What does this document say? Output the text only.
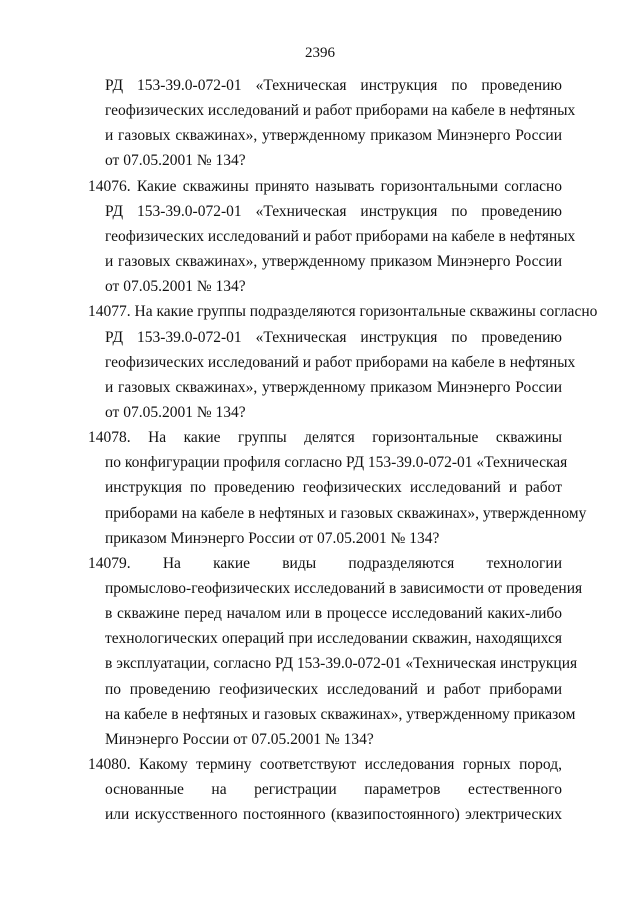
2396
РД 153-39.0-072-01 «Техническая инструкция по проведению
геофизических исследований и работ приборами на кабеле в нефтяных
и газовых скважинах», утвержденному приказом Минэнерго России
от 07.05.2001 № 134?
14076. Какие скважины принято называть горизонтальными согласно
РД 153-39.0-072-01 «Техническая инструкция по проведению
геофизических исследований и работ приборами на кабеле в нефтяных
и газовых скважинах», утвержденному приказом Минэнерго России
от 07.05.2001 № 134?
14077. На какие группы подразделяются горизонтальные скважины согласно
РД 153-39.0-072-01 «Техническая инструкция по проведению
геофизических исследований и работ приборами на кабеле в нефтяных
и газовых скважинах», утвержденному приказом Минэнерго России
от 07.05.2001 № 134?
14078. На какие группы делятся горизонтальные скважины
по конфигурации профиля согласно РД 153-39.0-072-01 «Техническая
инструкция по проведению геофизических исследований и работ
приборами на кабеле в нефтяных и газовых скважинах», утвержденному
приказом Минэнерго России от 07.05.2001 № 134?
14079. На какие виды подразделяются технологии
промыслово-геофизических исследований в зависимости от проведения
в скважине перед началом или в процессе исследований каких-либо
технологических операций при исследовании скважин, находящихся
в эксплуатации, согласно РД 153-39.0-072-01 «Техническая инструкция
по проведению геофизических исследований и работ приборами
на кабеле в нефтяных и газовых скважинах», утвержденному приказом
Минэнерго России от 07.05.2001 № 134?
14080. Какому термину соответствуют исследования горных пород,
основанные на регистрации параметров естественного
или искусственного постоянного (квазипостоянного) электрических
